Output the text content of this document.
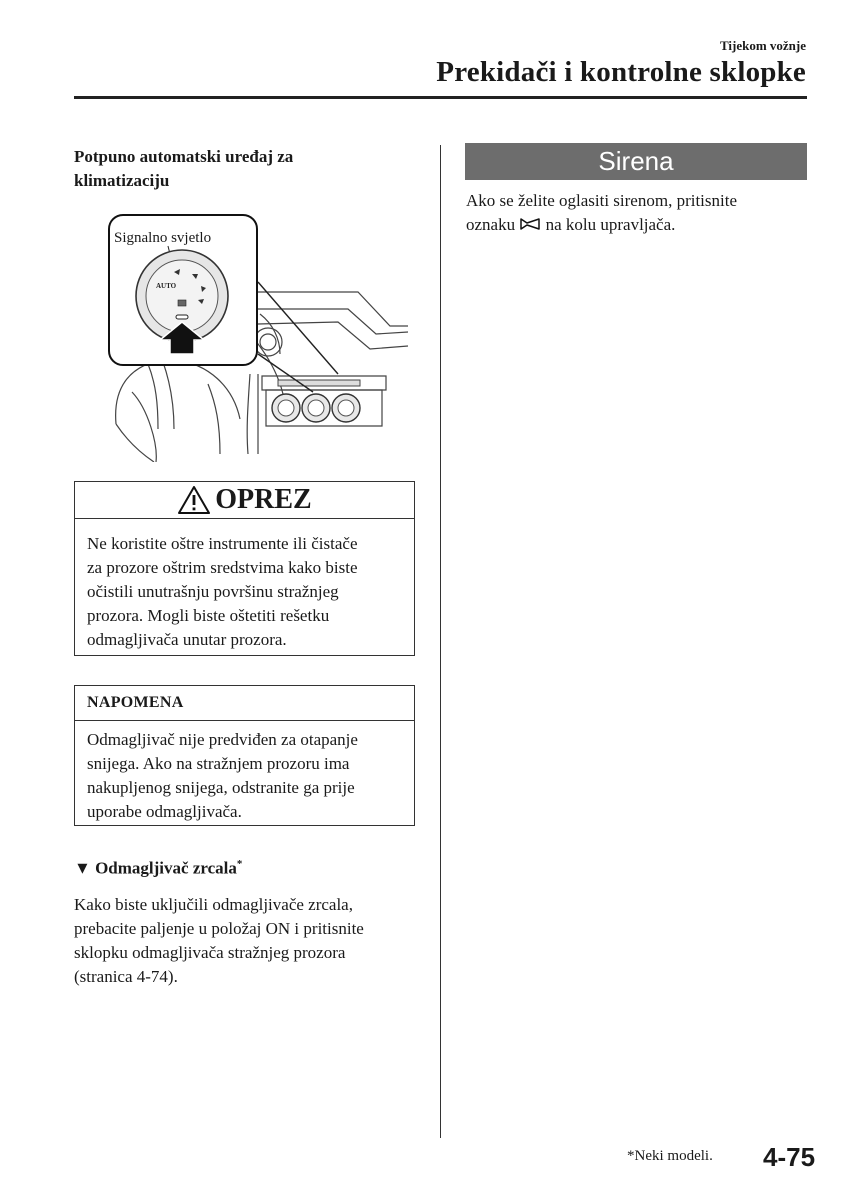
Tijekom vožnje
Prekidači i kontrolne sklopke
Potpuno automatski uređaj za
klimatizaciju
Signalno svjetlo
AUTO
OPREZ
Ne koristite oštre instrumente ili čistače
za prozore oštrim sredstvima kako biste
očistili unutrašnju površinu stražnjeg
prozora. Mogli biste oštetiti rešetku
odmagljivača unutar prozora.
NAPOMENA
Odmagljivač nije predviđen za otapanje
snijega. Ako na stražnjem prozoru ima
nakupljenog snijega, odstranite ga prije
uporabe odmagljivača.
▼ Odmagljivač zrcala*
Kako biste uključili odmagljivače zrcala,
prebacite paljenje u položaj ON i pritisnite
sklopku odmagljivača stražnjeg prozora
(stranica 4-74).
Sirena
Ako se želite oglasiti sirenom, pritisnite
oznaku na kolu upravljača.
*Neki modeli. 4-75
